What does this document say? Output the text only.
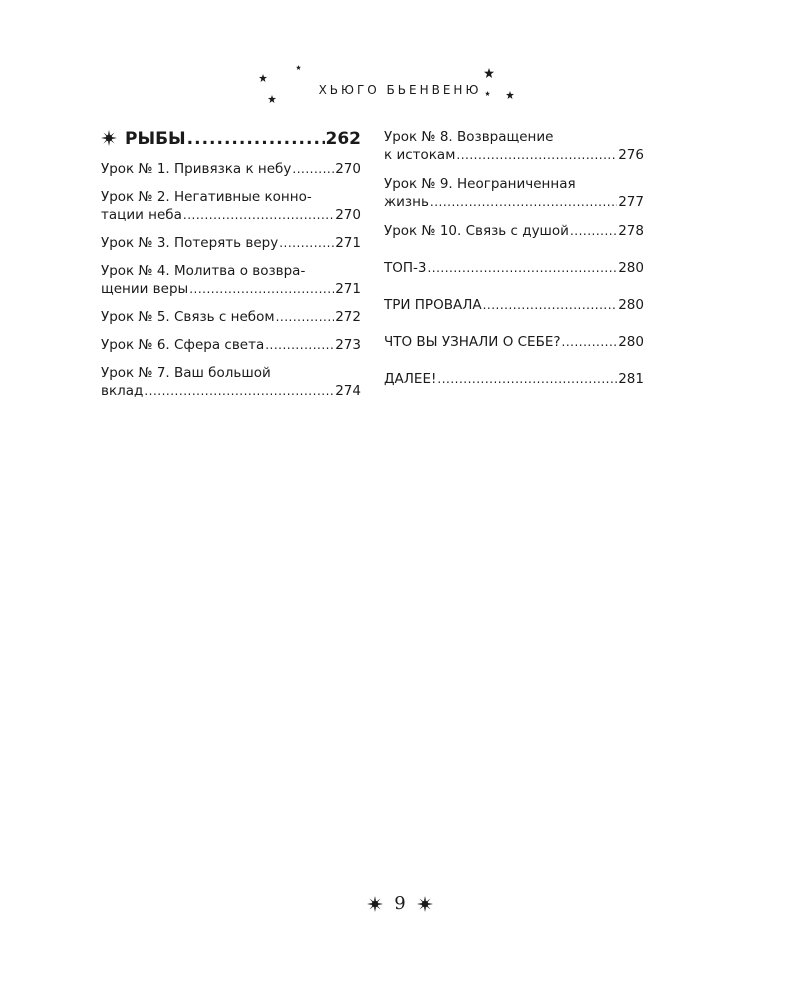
ХЬЮГО БЬЕНВЕНЮ
РЫБЫ .....	262
Урок № 1. Привязка к небу .....	270
Урок № 2. Негативные конно-
тации неба .....	270
Урок № 3. Потерять веру .....	271
Урок № 4. Молитва о возвра-
щении веры .....	271
Урок № 5. Связь с небом .....	272
Урок № 6. Сфера света .....	273
Урок № 7. Ваш большой
вклад .....	274
Урок № 8. Возвращение
к истокам .....	276
Урок № 9. Неограниченная
жизнь .....	277
Урок № 10. Связь с душой .....	278
ТОП-3 .....	280
ТРИ ПРОВАЛА .....	280
ЧТО ВЫ УЗНАЛИ О СЕБЕ? .....	280
ДАЛЕЕ! .....	281
9
